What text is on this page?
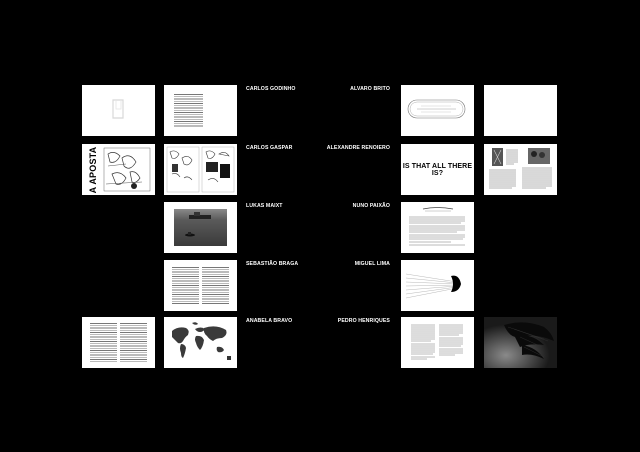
CARLOS GODINHO
A APOSTA	CARLOS GASPAR
LUKAS MAIXT
SEBASTIÃO BRAGA
ANABELA BRAVO
ALVARO BRITO
ALEXANDRE RENOIERO
IS THAT ALL THERE IS?
NUNO PAIXÃO
MIGUEL LIMA
PEDRO HENRIQUES
